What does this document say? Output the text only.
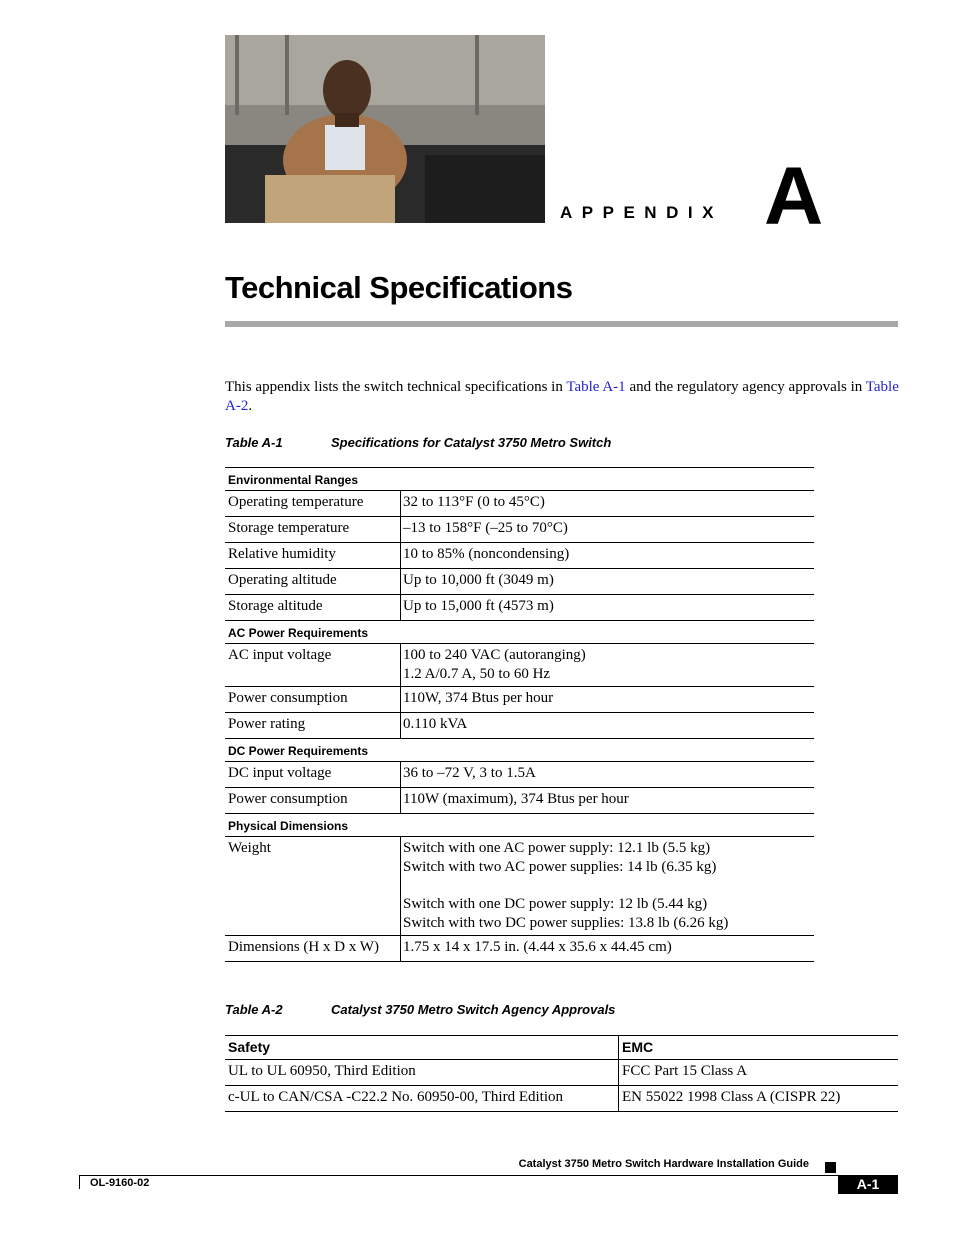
APPENDIX A
Technical Specifications

This appendix lists the switch technical specifications in Table A-1 and the regulatory agency approvals in Table A-2.

Table A-1	Specifications for Catalyst 3750 Metro Switch
Environmental Ranges	
Operating temperature	32 to 113°F (0 to 45°C)

Storage temperature	–13 to 158°F (–25 to 70°C)

Relative humidity	10 to 85% (noncondensing)

Operating altitude	Up to 10,000 ft (3049 m)

Storage altitude	Up to 15,000 ft (4573 m)

AC Power Requirements	
AC input voltage	100 to 240 VAC (autoranging)
1.2 A/0.7 A, 50 to 60 Hz

Power consumption	110W, 374 Btus per hour

Power rating	0.110 kVA

DC Power Requirements	
DC input voltage	36 to –72 V, 3 to 1.5A

Power consumption	110W (maximum), 374 Btus per hour

Physical Dimensions	
Weight	Switch with one AC power supply: 12.1 lb (5.5 kg)
Switch with two AC power supplies: 14 lb (6.35 kg)
Switch with one DC power supply: 12 lb (5.44 kg)
Switch with two DC power supplies: 13.8 lb (6.26 kg)

Dimensions (H x D x W)	1.75 x 14 x 17.5 in. (4.44 x 35.6 x 44.45 cm)
Table A-2	Catalyst 3750 Metro Switch Agency Approvals
Safety	EMC
UL to UL 60950, Third Edition	FCC Part 15 Class A
c-UL to CAN/CSA -C22.2 No. 60950-00, Third Edition	EN 55022 1998 Class A (CISPR 22)
Catalyst 3750 Metro Switch Hardware Installation Guide
OL-9160-02	A-1
